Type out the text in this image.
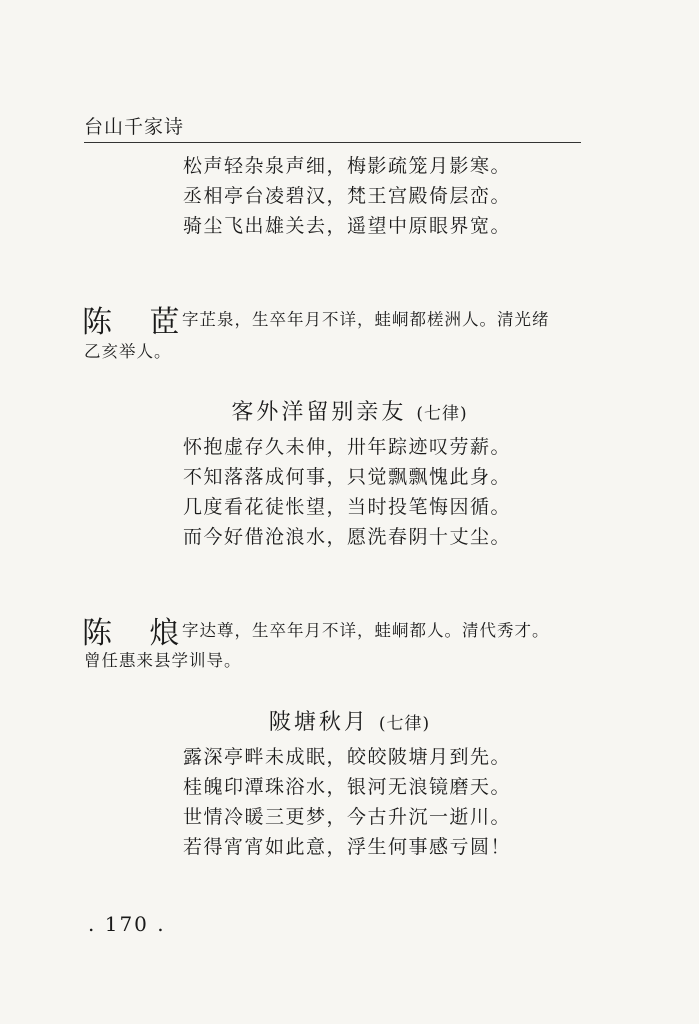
台山千家诗
松声轻杂泉声细，梅影疏笼月影寒。
丞相亭台凌碧汉，梵王宫殿倚层峦。
骑尘飞出雄关去，遥望中原眼界宽。
陈 茝
字芷泉，生卒年月不详，蛙峒都槎洲人。清光绪
乙亥举人。
客外洋留别亲友 (七律)
怀抱虚存久未伸，卅年踪迹叹劳薪。
不知落落成何事，只觉飘飘愧此身。
几度看花徒怅望，当时投笔悔因循。
而今好借沧浪水，愿洗春阴十丈尘。
陈 烺
字达尊，生卒年月不详，蛙峒都人。清代秀才。
曾任惠来县学训导。
陂塘秋月 (七律)
露深亭畔未成眠，皎皎陂塘月到先。
桂魄印潭珠浴水，银河无浪镜磨天。
世情冷暖三更梦，今古升沉一逝川。
若得宵宵如此意，浮生何事感亏圆！
. 170 .
